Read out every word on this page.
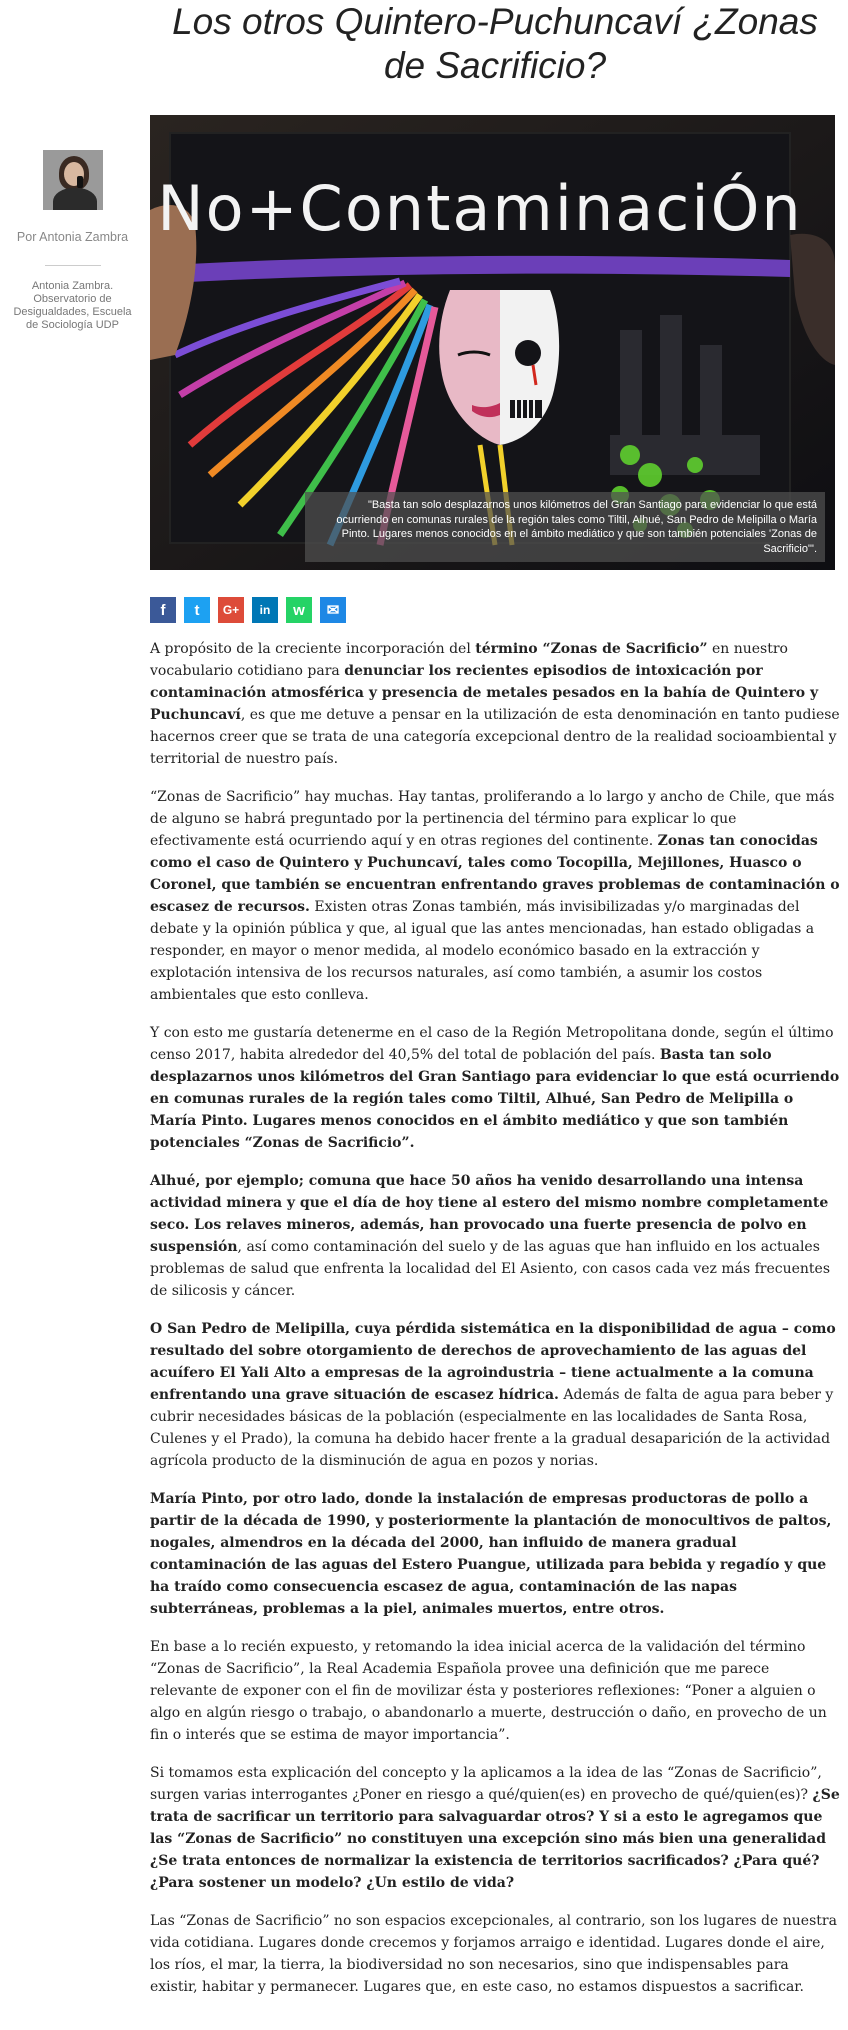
Los otros Quintero-Puchuncaví ¿Zonas de Sacrificio?
Por Antonia Zambra
Antonia Zambra. Observatorio de Desigualdades, Escuela de Sociología UDP
No+ContaminaciÓn
"Basta tan solo desplazarnos unos kilómetros del Gran Santiago para evidenciar lo que está ocurriendo en comunas rurales de la región tales como Tiltil, Alhué, San Pedro de Melipilla o María Pinto. Lugares menos conocidos en el ámbito mediático y que son también potenciales 'Zonas de Sacrificio'".
f	t	G+	in	w	✉

A propósito de la creciente incorporación del término “Zonas de Sacrificio” en nuestro vocabulario cotidiano para denunciar los recientes episodios de intoxicación por contaminación atmosférica y presencia de metales pesados en la bahía de Quintero y Puchuncaví, es que me detuve a pensar en la utilización de esta denominación en tanto pudiese hacernos creer que se trata de una categoría excepcional dentro de la realidad socioambiental y territorial de nuestro país.

“Zonas de Sacrificio” hay muchas. Hay tantas, proliferando a lo largo y ancho de Chile, que más de alguno se habrá preguntado por la pertinencia del término para explicar lo que efectivamente está ocurriendo aquí y en otras regiones del continente. Zonas tan conocidas como el caso de Quintero y Puchuncaví, tales como Tocopilla, Mejillones, Huasco o Coronel, que también se encuentran enfrentando graves problemas de contaminación o escasez de recursos. Existen otras Zonas también, más invisibilizadas y/o marginadas del debate y la opinión pública y que, al igual que las antes mencionadas, han estado obligadas a responder, en mayor o menor medida, al modelo económico basado en la extracción y explotación intensiva de los recursos naturales, así como también, a asumir los costos ambientales que esto conlleva.

Y con esto me gustaría detenerme en el caso de la Región Metropolitana donde, según el último censo 2017, habita alrededor del 40,5% del total de población del país. Basta tan solo desplazarnos unos kilómetros del Gran Santiago para evidenciar lo que está ocurriendo en comunas rurales de la región tales como Tiltil, Alhué, San Pedro de Melipilla o María Pinto. Lugares menos conocidos en el ámbito mediático y que son también potenciales “Zonas de Sacrificio”.

Alhué, por ejemplo; comuna que hace 50 años ha venido desarrollando una intensa actividad minera y que el día de hoy tiene al estero del mismo nombre completamente seco. Los relaves mineros, además, han provocado una fuerte presencia de polvo en suspensión, así como contaminación del suelo y de las aguas que han influido en los actuales problemas de salud que enfrenta la localidad del El Asiento, con casos cada vez más frecuentes de silicosis y cáncer.

O San Pedro de Melipilla, cuya pérdida sistemática en la disponibilidad de agua – como resultado del sobre otorgamiento de derechos de aprovechamiento de las aguas del acuífero El Yali Alto a empresas de la agroindustria – tiene actualmente a la comuna enfrentando una grave situación de escasez hídrica. Además de falta de agua para beber y cubrir necesidades básicas de la población (especialmente en las localidades de Santa Rosa, Culenes y el Prado), la comuna ha debido hacer frente a la gradual desaparición de la actividad agrícola producto de la disminución de agua en pozos y norias.

María Pinto, por otro lado, donde la instalación de empresas productoras de pollo a partir de la década de 1990, y posteriormente la plantación de monocultivos de paltos, nogales, almendros en la década del 2000, han influido de manera gradual contaminación de las aguas del Estero Puangue, utilizada para bebida y regadío y que ha traído como consecuencia escasez de agua, contaminación de las napas subterráneas, problemas a la piel, animales muertos, entre otros.

En base a lo recién expuesto, y retomando la idea inicial acerca de la validación del término “Zonas de Sacrificio”, la Real Academia Española provee una definición que me parece relevante de exponer con el fin de movilizar ésta y posteriores reflexiones: “Poner a alguien o algo en algún riesgo o trabajo, o abandonarlo a muerte, destrucción o daño, en provecho de un fin o interés que se estima de mayor importancia”.

Si tomamos esta explicación del concepto y la aplicamos a la idea de las “Zonas de Sacrificio”, surgen varias interrogantes ¿Poner en riesgo a qué/quien(es) en provecho de qué/quien(es)? ¿Se trata de sacrificar un territorio para salvaguardar otros? Y si a esto le agregamos que las “Zonas de Sacrificio” no constituyen una excepción sino más bien una generalidad ¿Se trata entonces de normalizar la existencia de territorios sacrificados? ¿Para qué? ¿Para sostener un modelo? ¿Un estilo de vida?

Las “Zonas de Sacrificio” no son espacios excepcionales, al contrario, son los lugares de nuestra vida cotidiana. Lugares donde crecemos y forjamos arraigo e identidad. Lugares donde el aire, los ríos, el mar, la tierra, la biodiversidad no son necesarios, sino que indispensables para existir, habitar y permanecer. Lugares que, en este caso, no estamos dispuestos a sacrificar.
